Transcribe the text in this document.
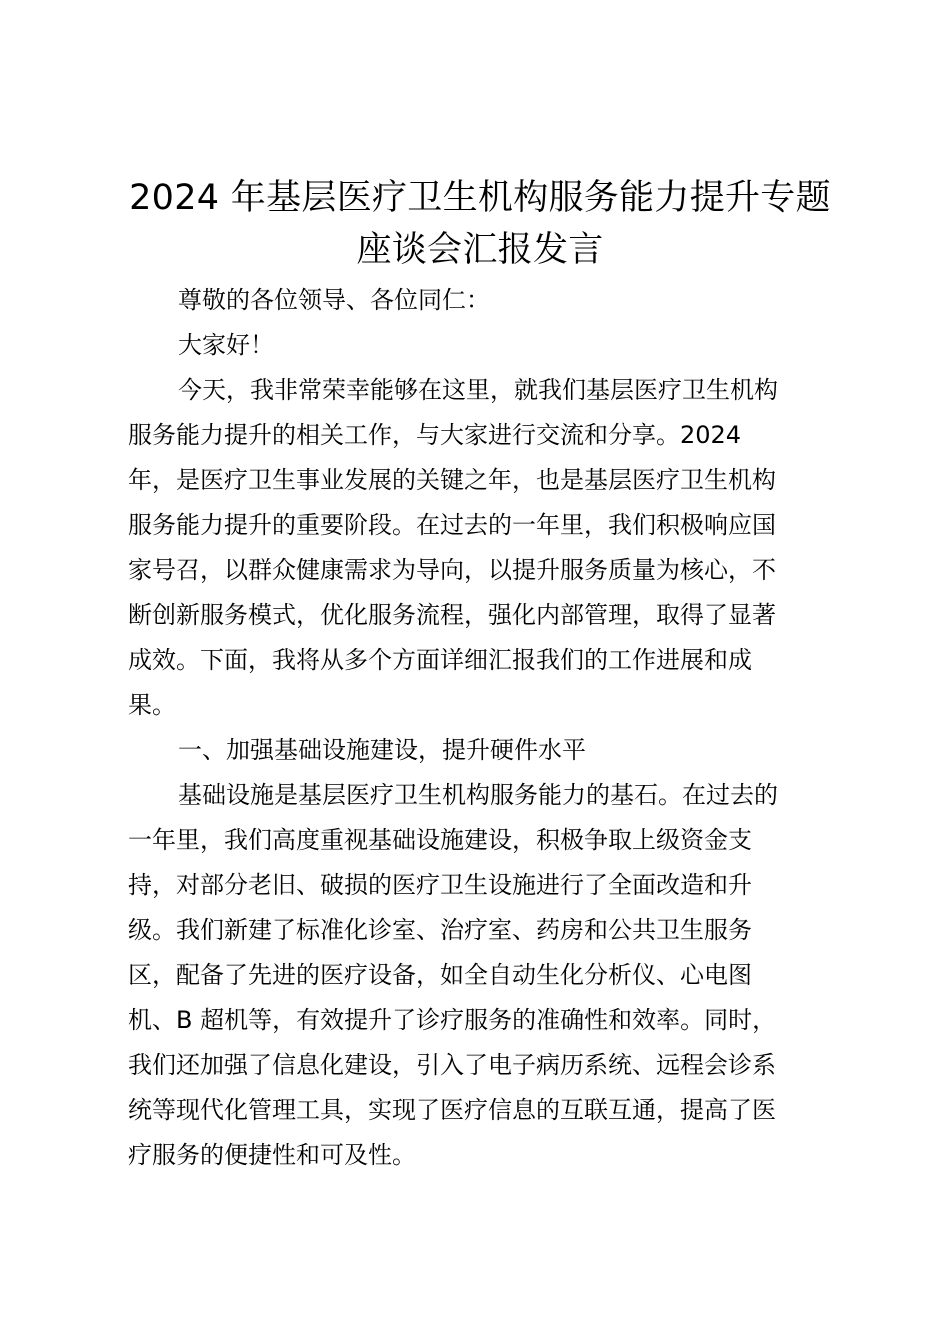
2024 年基层医疗卫生机构服务能力提升专题
座谈会汇报发言
尊敬的各位领导、各位同仁：
大家好！
今天，我非常荣幸能够在这里，就我们基层医疗卫生机构
服务能力提升的相关工作，与大家进行交流和分享。2024
年，是医疗卫生事业发展的关键之年，也是基层医疗卫生机构
服务能力提升的重要阶段。在过去的一年里，我们积极响应国
家号召，以群众健康需求为导向，以提升服务质量为核心，不
断创新服务模式，优化服务流程，强化内部管理，取得了显著
成效。下面，我将从多个方面详细汇报我们的工作进展和成
果。
一、加强基础设施建设，提升硬件水平
基础设施是基层医疗卫生机构服务能力的基石。在过去的
一年里，我们高度重视基础设施建设，积极争取上级资金支
持，对部分老旧、破损的医疗卫生设施进行了全面改造和升
级。我们新建了标准化诊室、治疗室、药房和公共卫生服务
区，配备了先进的医疗设备，如全自动生化分析仪、心电图
机、B 超机等，有效提升了诊疗服务的准确性和效率。同时，
我们还加强了信息化建设，引入了电子病历系统、远程会诊系
统等现代化管理工具，实现了医疗信息的互联互通，提高了医
疗服务的便捷性和可及性。
